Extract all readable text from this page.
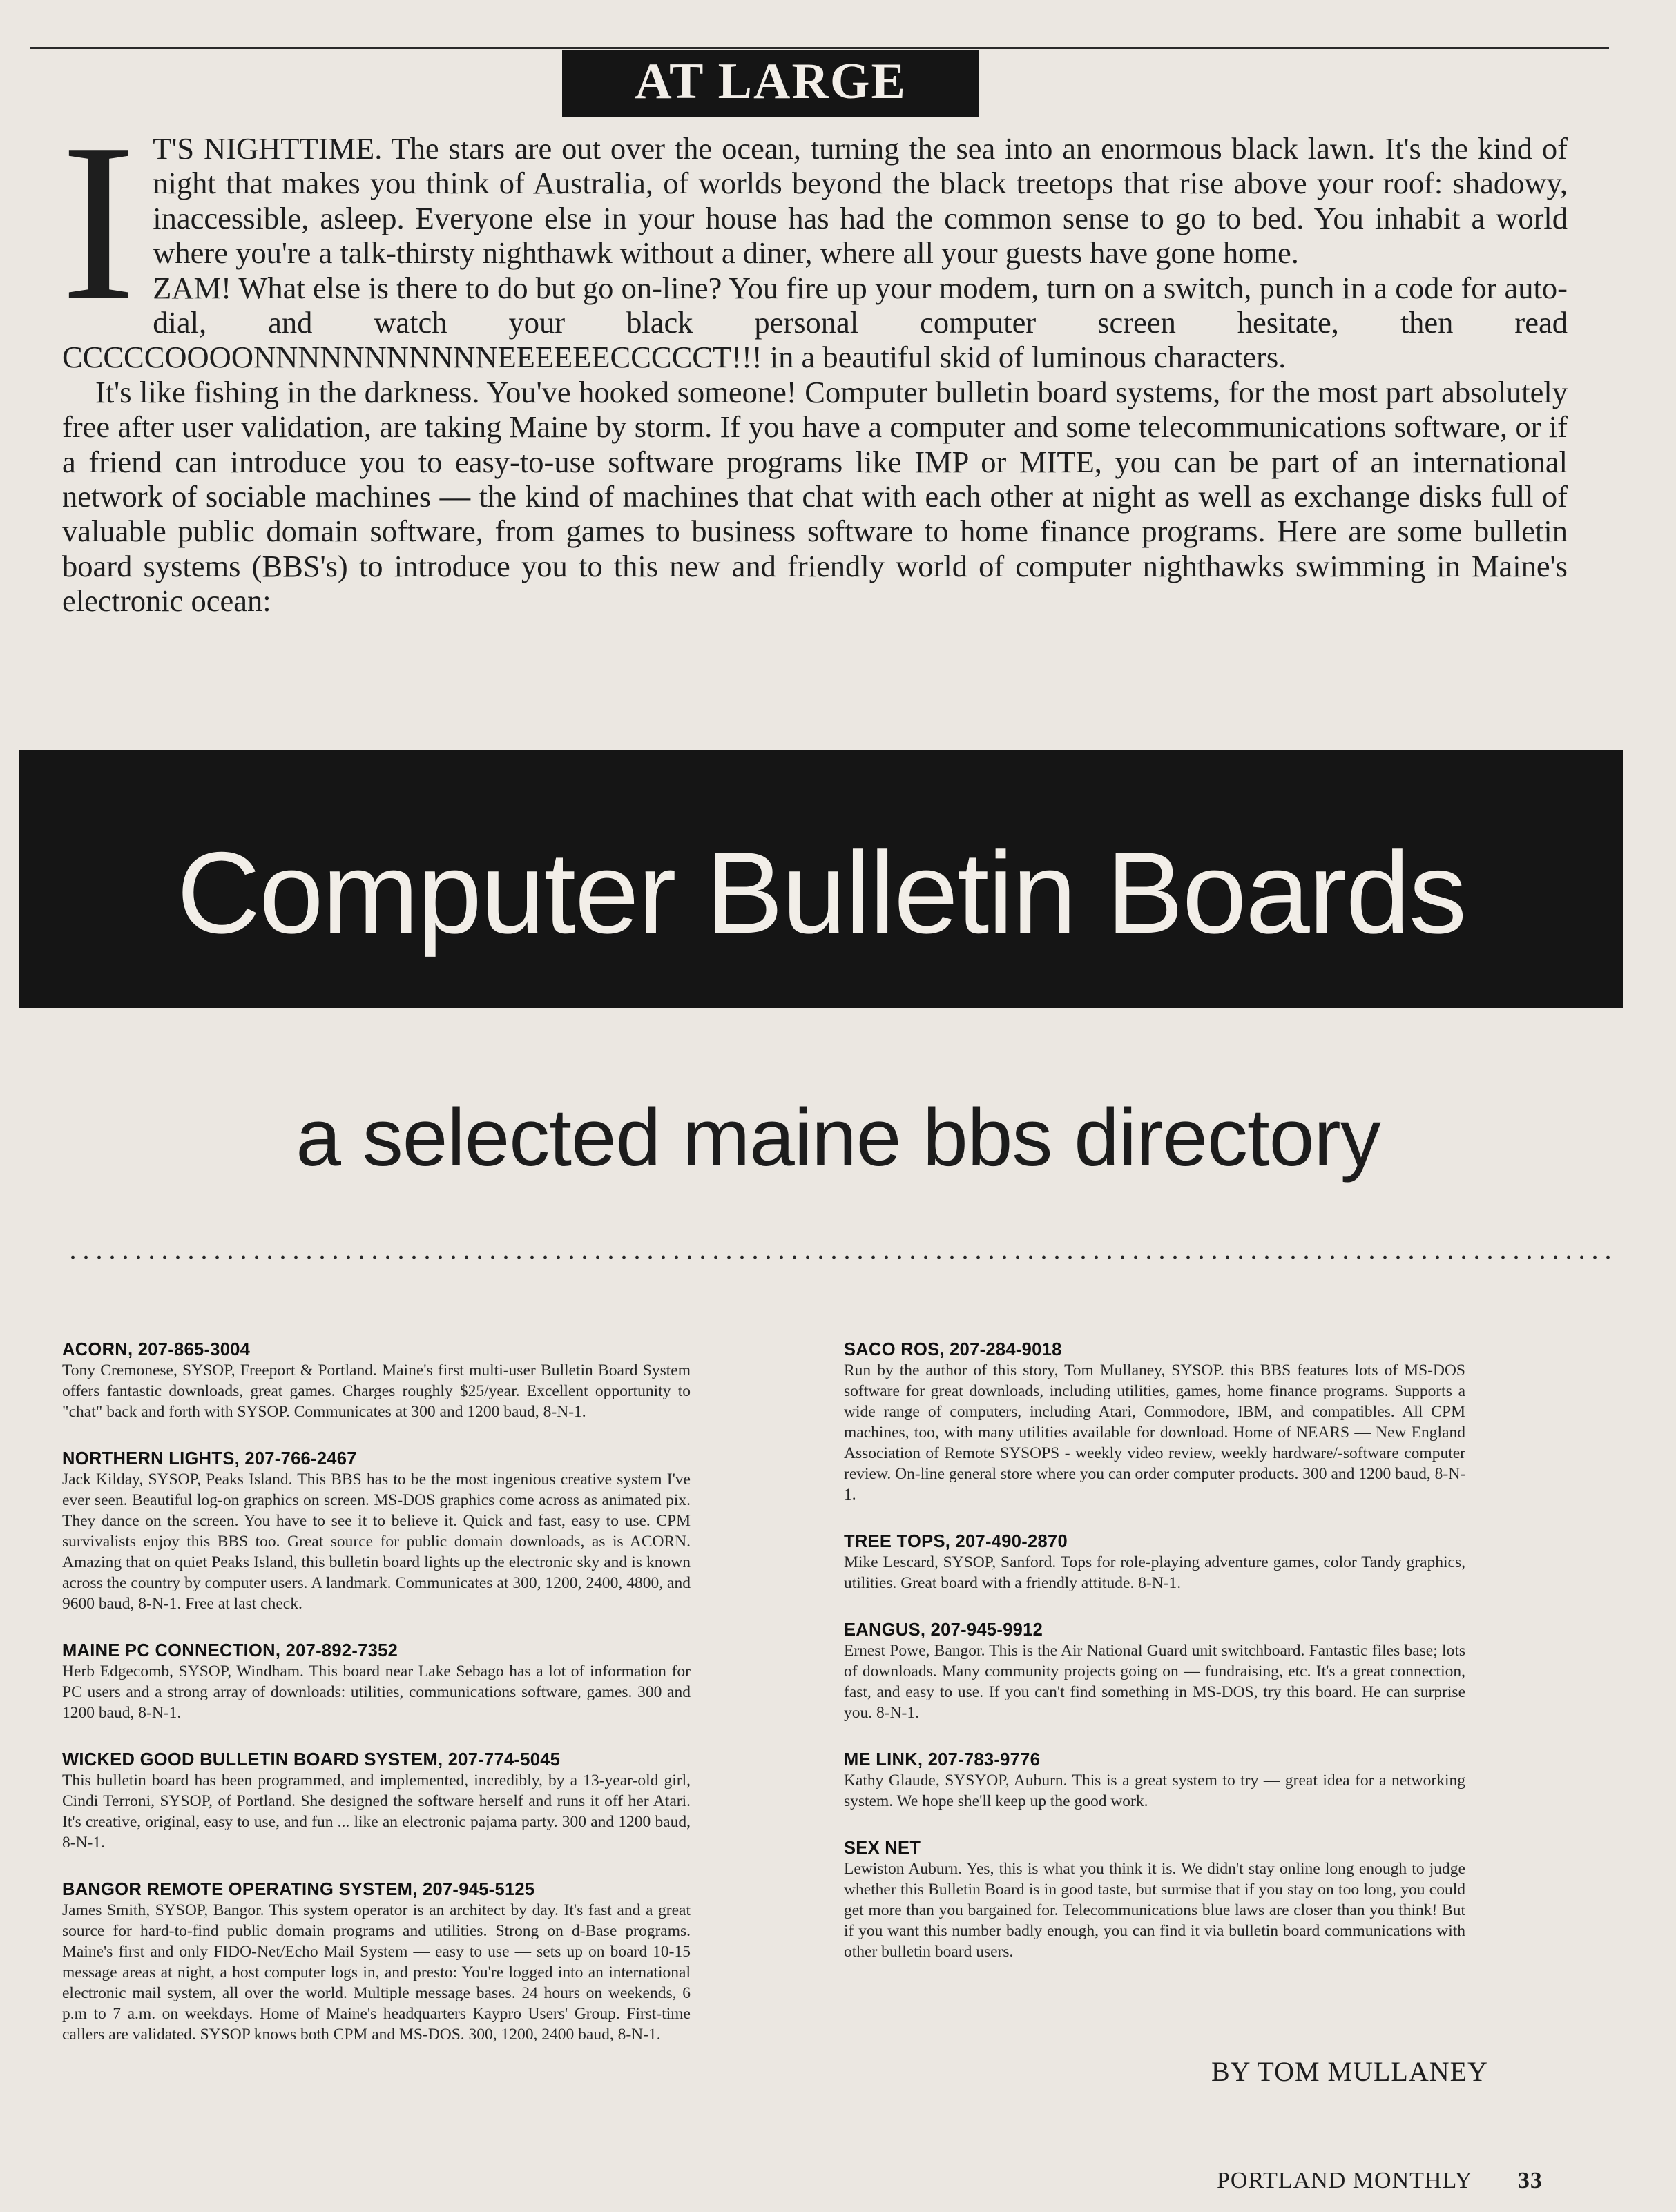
AT LARGE
I T'S NIGHTTIME. The stars are out over the ocean, turning the sea into an enormous black lawn. It's the kind of night that makes you think of Australia, of worlds beyond the black treetops that rise above your roof: shadowy, inaccessible, asleep. Everyone else in your house has had the common sense to go to bed. You inhabit a world where you're a talk-thirsty nighthawk without a diner, where all your guests have gone home.

ZAM! What else is there to do but go on-line? You fire up your modem, turn on a switch, punch in a code for auto-dial, and watch your black personal computer screen hesitate, then read CCCCCOOOONNNNNNNNNNNEEEEEECCCCCT!!! in a beautiful skid of luminous characters.

It's like fishing in the darkness. You've hooked someone! Computer bulletin board systems, for the most part absolutely free after user validation, are taking Maine by storm. If you have a computer and some telecommunications software, or if a friend can introduce you to easy-to-use software programs like IMP or MITE, you can be part of an international network of sociable machines — the kind of machines that chat with each other at night as well as exchange disks full of valuable public domain software, from games to business software to home finance programs. Here are some bulletin board systems (BBS's) to introduce you to this new and friendly world of computer nighthawks swimming in Maine's electronic ocean:

Computer Bulletin Boards
a selected maine bbs directory
ACORN, 207-865-3004
Tony Cremonese, SYSOP, Freeport & Portland. Maine's first multi-user Bulletin Board System offers fantastic downloads, great games. Charges roughly $25/year. Excellent opportunity to "chat" back and forth with SYSOP. Communicates at 300 and 1200 baud, 8-N-1.
NORTHERN LIGHTS, 207-766-2467
Jack Kilday, SYSOP, Peaks Island. This BBS has to be the most ingenious creative system I've ever seen. Beautiful log-on graphics on screen. MS-DOS graphics come across as animated pix. They dance on the screen. You have to see it to believe it. Quick and fast, easy to use. CPM survivalists enjoy this BBS too. Great source for public domain downloads, as is ACORN. Amazing that on quiet Peaks Island, this bulletin board lights up the electronic sky and is known across the country by computer users. A landmark. Communicates at 300, 1200, 2400, 4800, and 9600 baud, 8-N-1. Free at last check.
MAINE PC CONNECTION, 207-892-7352
Herb Edgecomb, SYSOP, Windham. This board near Lake Sebago has a lot of information for PC users and a strong array of downloads: utilities, communications software, games. 300 and 1200 baud, 8-N-1.
WICKED GOOD BULLETIN BOARD SYSTEM, 207-774-5045
This bulletin board has been programmed, and implemented, incredibly, by a 13-year-old girl, Cindi Terroni, SYSOP, of Portland. She designed the software herself and runs it off her Atari. It's creative, original, easy to use, and fun ... like an electronic pajama party. 300 and 1200 baud, 8-N-1.
BANGOR REMOTE OPERATING SYSTEM, 207-945-5125
James Smith, SYSOP, Bangor. This system operator is an architect by day. It's fast and a great source for hard-to-find public domain programs and utilities. Strong on d-Base programs. Maine's first and only FIDO-Net/Echo Mail System — easy to use — sets up on board 10-15 message areas at night, a host computer logs in, and presto: You're logged into an international electronic mail system, all over the world. Multiple message bases. 24 hours on weekends, 6 p.m to 7 a.m. on weekdays. Home of Maine's headquarters Kaypro Users' Group. First-time callers are validated. SYSOP knows both CPM and MS-DOS. 300, 1200, 2400 baud, 8-N-1.
SACO ROS, 207-284-9018
Run by the author of this story, Tom Mullaney, SYSOP. this BBS features lots of MS-DOS software for great downloads, including utilities, games, home finance programs. Supports a wide range of computers, including Atari, Commodore, IBM, and compatibles. All CPM machines, too, with many utilities available for download. Home of NEARS — New England Association of Remote SYSOPS - weekly video review, weekly hardware/-software computer review. On-line general store where you can order computer products. 300 and 1200 baud, 8-N-1.
TREE TOPS, 207-490-2870
Mike Lescard, SYSOP, Sanford. Tops for role-playing adventure games, color Tandy graphics, utilities. Great board with a friendly attitude. 8-N-1.
EANGUS, 207-945-9912
Ernest Powe, Bangor. This is the Air National Guard unit switchboard. Fantastic files base; lots of downloads. Many community projects going on — fundraising, etc. It's a great connection, fast, and easy to use. If you can't find something in MS-DOS, try this board. He can surprise you. 8-N-1.
ME LINK, 207-783-9776
Kathy Glaude, SYSYOP, Auburn. This is a great system to try — great idea for a networking system. We hope she'll keep up the good work.
SEX NET
Lewiston Auburn. Yes, this is what you think it is. We didn't stay online long enough to judge whether this Bulletin Board is in good taste, but surmise that if you stay on too long, you could get more than you bargained for. Telecommunications blue laws are closer than you think! But if you want this number badly enough, you can find it via bulletin board communications with other bulletin board users.
BY TOM MULLANEY
PORTLAND MONTHLY 33
